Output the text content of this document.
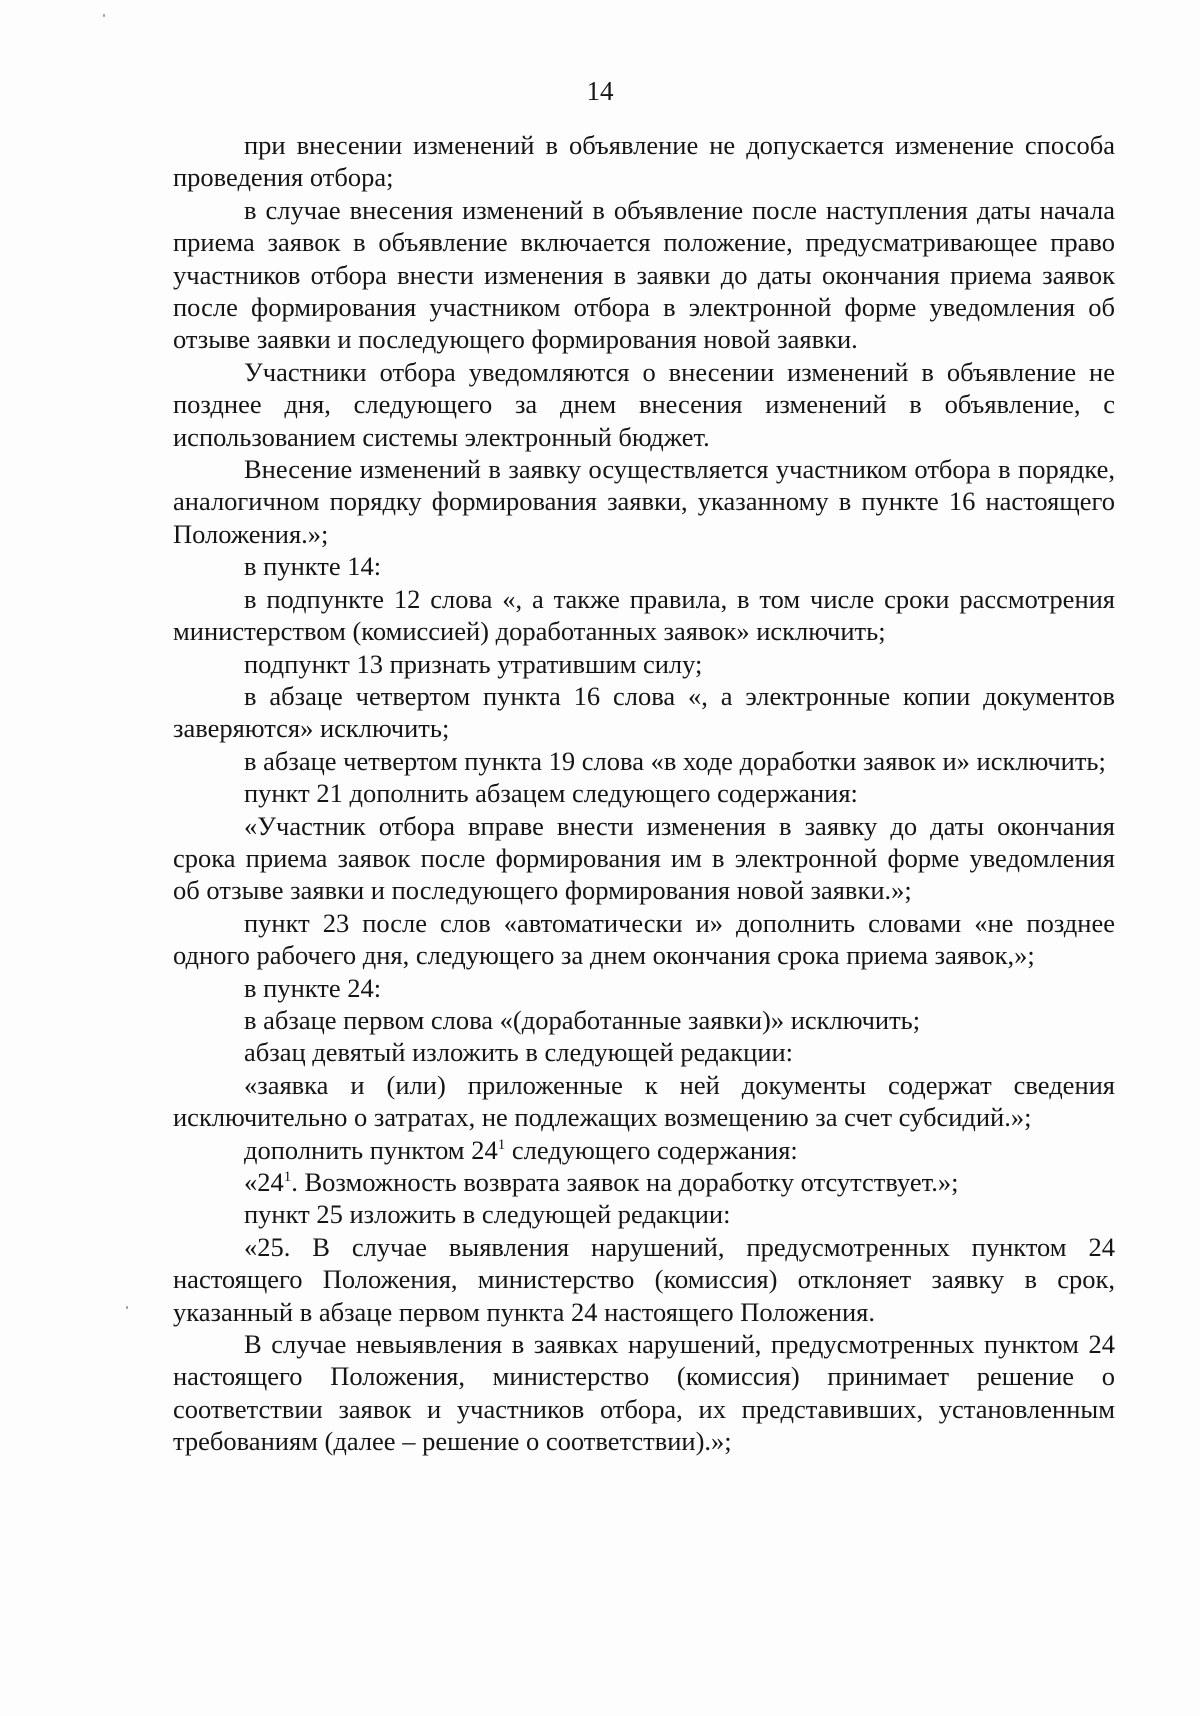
14

при внесении изменений в объявление не допускается изменение способа проведения отбора;

в случае внесения изменений в объявление после наступления даты начала приема заявок в объявление включается положение, предусматривающее право участников отбора внести изменения в заявки до даты окончания приема заявок после формирования участником отбора в электронной форме уведомления об отзыве заявки и последующего формирования новой заявки.

Участники отбора уведомляются о внесении изменений в объявление не позднее дня, следующего за днем внесения изменений в объявление, с использованием системы электронный бюджет.

Внесение изменений в заявку осуществляется участником отбора в порядке, аналогичном порядку формирования заявки, указанному в пункте 16 настоящего Положения.»;

в пункте 14:

в подпункте 12 слова «, а также правила, в том числе сроки рассмотрения министерством (комиссией) доработанных заявок» исключить;

подпункт 13 признать утратившим силу;

в абзаце четвертом пункта 16 слова «, а электронные копии документов заверяются» исключить;

в абзаце четвертом пункта 19 слова «в ходе доработки заявок и» исключить;

пункт 21 дополнить абзацем следующего содержания:

«Участник отбора вправе внести изменения в заявку до даты окончания срока приема заявок после формирования им в электронной форме уведомления об отзыве заявки и последующего формирования новой заявки.»;

пункт 23 после слов «автоматически и» дополнить словами «не позднее одного рабочего дня, следующего за днем окончания срока приема заявок,»;

в пункте 24:

в абзаце первом слова «(доработанные заявки)» исключить;

абзац девятый изложить в следующей редакции:

«заявка и (или) приложенные к ней документы содержат сведения исключительно о затратах, не подлежащих возмещению за счет субсидий.»;

дополнить пунктом $24^1$ следующего содержания:

«$24^1$. Возможность возврата заявок на доработку отсутствует.»;

пункт 25 изложить в следующей редакции:

«25. В случае выявления нарушений, предусмотренных пунктом 24 настоящего Положения, министерство (комиссия) отклоняет заявку в срок, указанный в абзаце первом пункта 24 настоящего Положения.

В случае невыявления в заявках нарушений, предусмотренных пунктом 24 настоящего Положения, министерство (комиссия) принимает решение о соответствии заявок и участников отбора, их представивших, установленным требованиям (далее – решение о соответствии).»;
